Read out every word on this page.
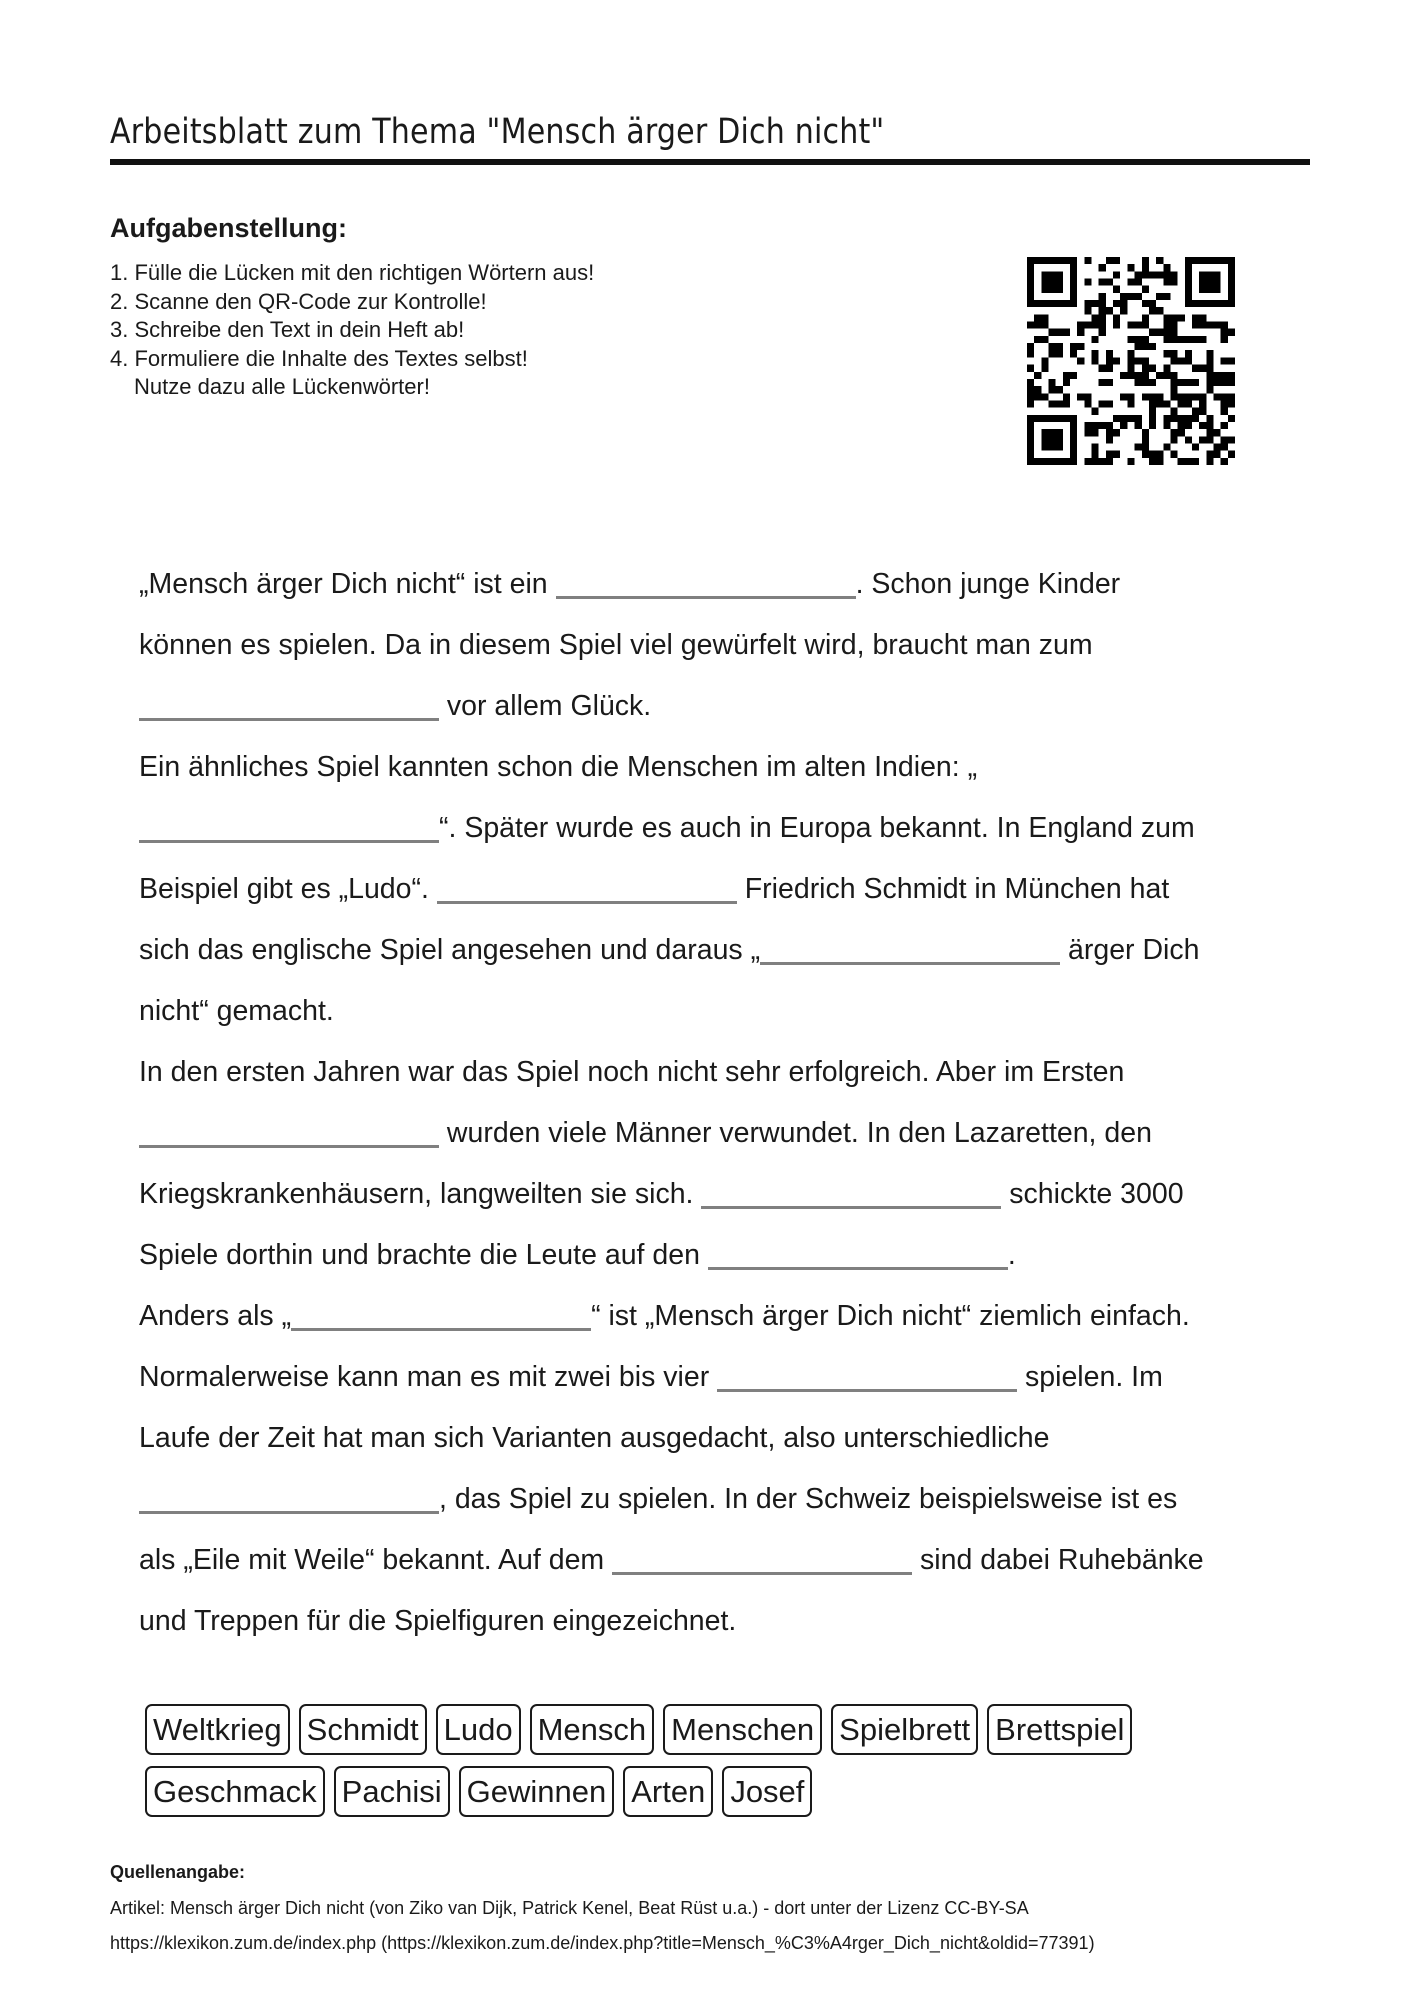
Arbeitsblatt zum Thema "Mensch ärger Dich nicht"
Aufgabenstellung:
1. Fülle die Lücken mit den richtigen Wörtern aus!
2. Scanne den QR-Code zur Kontrolle!
3. Schreibe den Text in dein Heft ab!
4. Formuliere die Inhalte des Textes selbst!
Nutze dazu alle Lückenwörter!
„Mensch ärger Dich nicht“ ist ein	. Schon junge Kinder
können es spielen. Da in diesem Spiel viel gewürfelt wird, braucht man zum
vor allem Glück.
Ein ähnliches Spiel kannten schon die Menschen im alten Indien: „
“. Später wurde es auch in Europa bekannt. In England zum
Beispiel gibt es „Ludo“.	Friedrich Schmidt in München hat
sich das englische Spiel angesehen und daraus „	ärger Dich
nicht“ gemacht.
In den ersten Jahren war das Spiel noch nicht sehr erfolgreich. Aber im Ersten
wurden viele Männer verwundet. In den Lazaretten, den
Kriegskrankenhäusern, langweilten sie sich.	schickte 3000
Spiele dorthin und brachte die Leute auf den	.
Anders als „	“ ist „Mensch ärger Dich nicht“ ziemlich einfach.
Normalerweise kann man es mit zwei bis vier	spielen. Im
Laufe der Zeit hat man sich Varianten ausgedacht, also unterschiedliche
, das Spiel zu spielen. In der Schweiz beispielsweise ist es
als „Eile mit Weile“ bekannt. Auf dem	sind dabei Ruhebänke
und Treppen für die Spielfiguren eingezeichnet.
Weltkrieg Schmidt Ludo Mensch Menschen Spielbrett Brettspiel
Geschmack Pachisi Gewinnen Arten Josef
Quellenangabe:
Artikel: Mensch ärger Dich nicht (von Ziko van Dijk, Patrick Kenel, Beat Rüst u.a.) - dort unter der Lizenz CC-BY-SA
https://klexikon.zum.de/index.php (https://klexikon.zum.de/index.php?title=Mensch_%C3%A4rger_Dich_nicht&oldid=77391)
